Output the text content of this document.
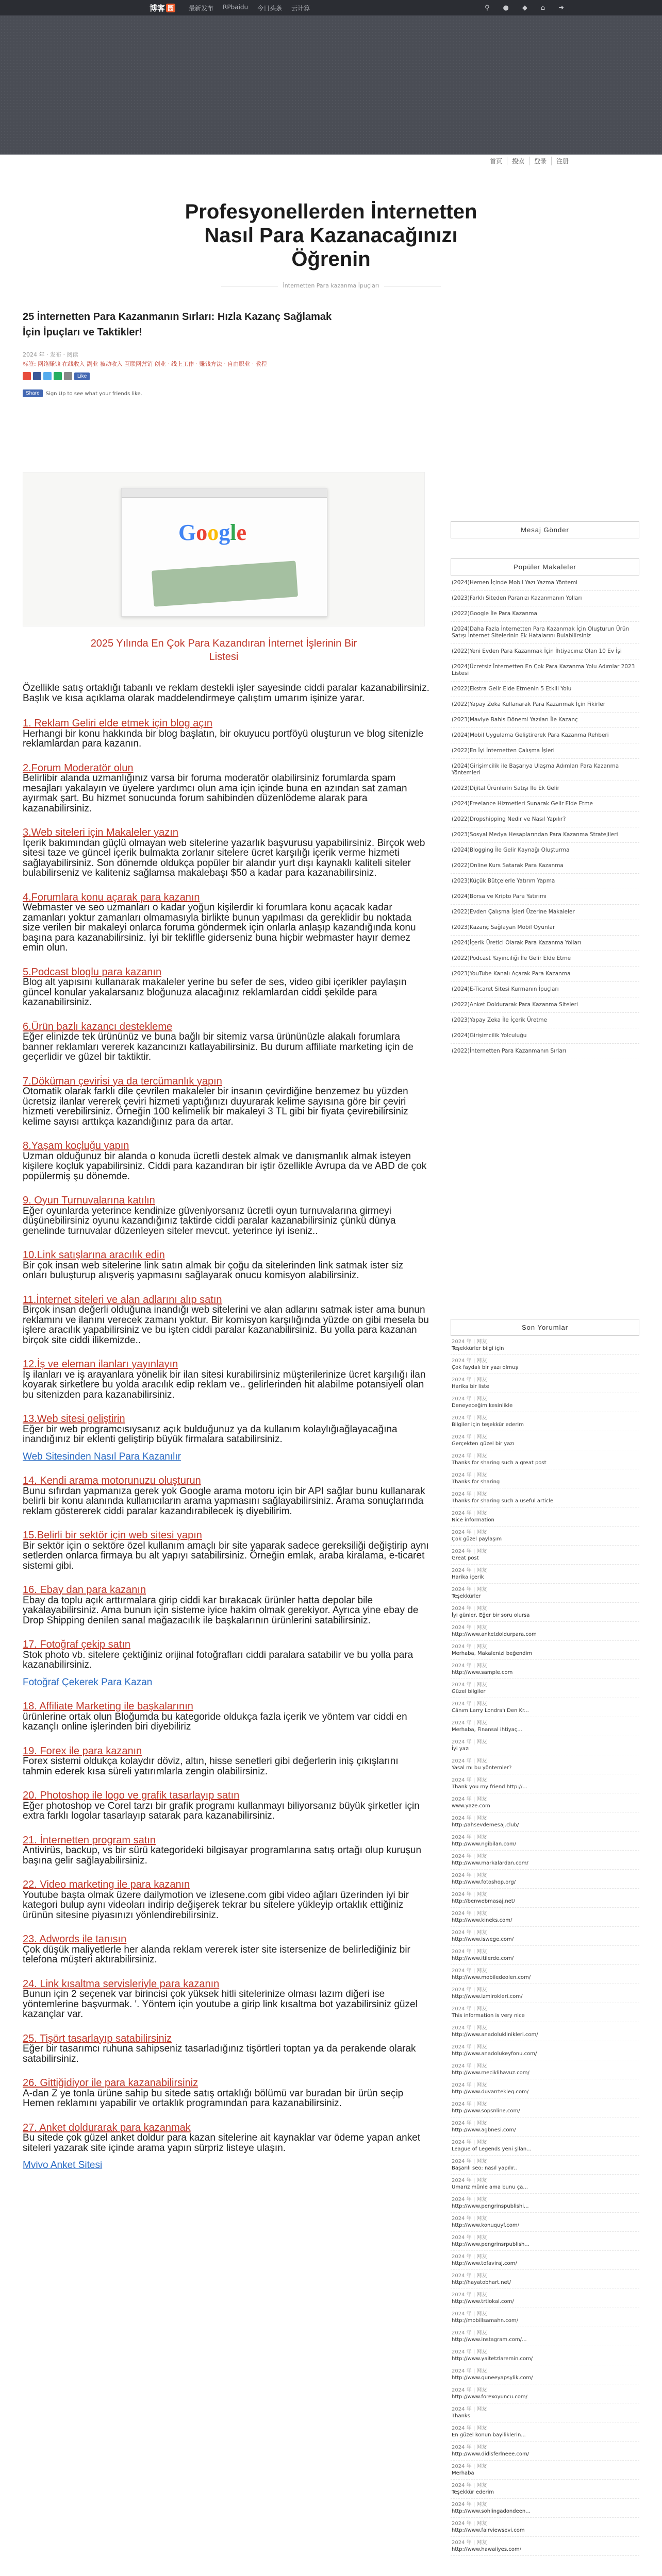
博客 园 最新发布 RPbaidu 今日头条 云计算	⚲ ● ◆ ⌂ ➜
首页	搜索	登录	注册
Profesyonellerden İnternetten
Nasıl Para Kazanacağınızı
Öğrenin
İnternetten Para kazanma İpuçları
25 İnternetten Para Kazanmanın Sırları: Hızla Kazanç Sağlamak
İçin İpuçları ve Taktikler!
2024 年 · 发布 · 阅读
标签: 网络赚钱 在线收入 副业 被动收入 互联网营销 创业 · 线上工作 · 赚钱方法 · 自由职业 · 教程
Like
Share	Sign Up to see what your friends like.
Google
2025 Yılında En Çok Para Kazandıran İnternet İşlerinin Bir
Listesi

Özellikle satış ortaklığı tabanlı ve reklam destekli işler sayesinde ciddi paralar kazanabilirsiniz. Başlık ve kısa açıklama olarak maddelendirmeye çalıştım umarım işinize yarar.

1. Reklam Geliri elde etmek için blog açın
Herhangi bir konu hakkında bir blog başlatın, bir okuyucu portföyü oluşturun ve blog sitenizle reklamlardan para kazanın.
2.Forum Moderatör olun
Belirlibir alanda uzmanlığınız varsa bir foruma moderatör olabilirsiniz forumlarda spam mesajları yakalayın ve üyelere yardımcı olun ama için içinde buna en azından sat zaman ayırmak şart. Bu hizmet sonucunda forum sahibinden düzenlödeme alarak para kazanabilirsiniz.
3.Web siteleri için Makaleler yazın
İçerik bakımından güçlü olmayan web sitelerine yazarlık başvurusu yapabilirsiniz. Birçok web sitesi taze ve güncel içerik bulmakta zorlanır sitelere ücret karşılığı içerik verme hizmeti sağlayabilirsiniz. Son dönemde oldukça popüler bir alandır yurt dışı kaynaklı kaliteli siteler bulabilirseniz ve kaliteniz sağlamsa makalebaşı $50 a kadar para kazanabilirsiniz.
4.Forumlara konu açarak para kazanın
Webmaster ve seo uzmanları o kadar yoğun kişilerdir ki forumlara konu açacak kadar zamanları yoktur zamanları olmamasıyla birlikte bunun yapılması da gereklidir bu noktada size verilen bir makaleyi onlarca foruma göndermek için onlarla anlaşıp kazandığında konu başına para kazanabilirsiniz. İyi bir tekliflle giderseniz buna hiçbir webmaster hayır demez emin olun.
5.Podcast bloglu para kazanın
Blog alt yapısını kullanarak makaleler yerine bu sefer de ses, video gibi içerikler paylaşın güncel konular yakalarsanız bloğunuza alacağınız reklamlardan ciddi şekilde para kazanabilirsiniz.
6.Ürün bazlı kazancı destekleme
Eğer elinizde tek ürününüz ve buna bağlı bir sitemiz varsa ürününüzle alakalı forumlara banner reklamları vererek kazancınızı katlayabilirsiniz. Bu durum affiliate marketing için de geçerlidir ve güzel bir taktiktir.
7.Döküman çeviri̇si ya da tercümanlık yapın
Otomatik olarak farklı dile çevrilen makaleler bir insanın çevirdiğine benzemez bu yüzden ücretsiz ilanlar vererek çeviri hizmeti yaptığınızı duyurarak kelime sayısına göre bir çeviri hizmeti verebilirsiniz. Örneğin 100 kelimelik bir makaleyi 3 TL gibi bir fiyata çevirebilirsiniz kelime sayısı arttıkça kazandığınız para da artar.
8.Yaşam koçluğu yapın
Uzman olduğunuz bir alanda o konuda ücretli destek almak ve danışmanlık almak isteyen kişilere koçluk yapabilirsiniz. Ciddi para kazandıran bir iştir özellikle Avrupa da ve ABD de çok popülermiş şu dönemde.
9. Oyun Turnuvalarına katılın
Eğer oyunlarda yeterince kendinize güveniyorsanız ücretli oyun turnuvalarına girmeyi düşünebilirsiniz oyunu kazandığınız taktirde ciddi paralar kazanabilirsiniz çünkü dünya genelinde turnuvalar düzenleyen siteler mevcut. yeterince iyi iseniz..
10.Link satışlarına aracılık edin
Bir çok insan web sitelerine link satın almak bir çoğu da sitelerinden link satmak ister siz onları buluşturup alışveriş yapmasını sağlayarak onucu komisyon alabilirsiniz.
11.İnternet siteleri ve alan adlarını alıp satın
Birçok insan değerli olduğuna inandığı web sitelerini ve alan adlarını satmak ister ama bunun reklamını ve ilanını verecek zamanı yoktur. Bir komisyon karşılığında yüzde on gibi mesela bu işlere aracılık yapabilirsiniz ve bu işten ciddi paralar kazanabilirsiniz. Bu yolla para kazanan birçok site ciddi ilikemizde..
12.İş ve eleman ilanları yayınlayın
İş ilanları ve iş arayanlara yönelik bir ilan sitesi kurabilirsiniz müşterilerinize ücret karşılığı ilan koyarak sirketlere bu yolda aracılık edip reklam ve.. gelirlerinden hit alabilme potansiyeli olan bu sitenizden para kazanabilirsiniz.
13.Web sitesi geliştirin
Eğer bir web programcısıysanız açık bulduğunuz ya da kullanım kolaylığıağlayacağına inandığınız bir eklenti geliştirip büyük firmalara satabilirsiniz.
Web Sitesinden Nasıl Para Kazanılır
14. Kendi arama motorunuzu oluşturun
Bunu sıfırdan yapmanıza gerek yok Google arama motoru için bir API sağlar bunu kullanarak belirli bir konu alanında kullanıcıların arama yapmasını sağlayabilirsiniz. Arama sonuçlarında reklam göstererek ciddi paralar kazandırabilecek iş diyebilirim.
15.Belirli bir sektör için web sitesi yapın
Bir sektör için o sektöre özel kullanım amaçlı bir site yaparak sadece gereksiliği değiştirip aynı setlerden onlarca firmaya bu alt yapıyı satabilirsiniz. Örneğin emlak, araba kiralama, e-ticaret sistemi gibi.
16. Ebay dan para kazanın
Ebay da toplu açık arttırmalara girip ciddi kar bırakacak ürünler hatta depolar bile yakalayabilirsiniz. Ama bunun için sisteme iyice hakim olmak gerekiyor. Ayrıca yine ebay de Drop Shipping denilen sanal mağazacılık ile başkalarının ürünlerini satabilirsiniz.
17. Fotoğraf çekip satın
Stok photo vb. sitelere çektiğiniz orijinal fotoğrafları ciddi paralara satabilir ve bu yolla para kazanabilirsiniz.
Fotoğraf Çekerek Para Kazan
18. Affiliate Marketing ile başkalarının
ürünlerine ortak olun Bloğumda bu kategoride oldukça fazla içerik ve yöntem var ciddi en kazançlı online işlerinden biri diyebiliriz
19. Forex ile para kazanın
Forex sistemi oldukça kolaydır döviz, altın, hisse senetleri gibi değerlerin iniş çıkışlarını tahmin ederek kısa süreli yatırımlarla zengin olabilirsiniz.
20. Photoshop ile logo ve grafik tasarlayıp satın
Eğer photoshop ve Corel tarzı bir grafik programı kullanmayı biliyorsanız büyük şirketler için extra farklı logolar tasarlayıp satarak para kazanabilirsiniz.
21. İnternetten program satın
Antivirüs, backup, vs bir sürü kategorideki bilgisayar programlarına satış ortağı olup kuruşun başına gelir sağlayabilirsiniz.
22. Video marketing ile para kazanın
Youtube başta olmak üzere dailymotion ve izlesene.com gibi video ağları üzerinden iyi bir kategori bulup aynı videoları indirip değişerek tekrar bu sitelere yükleyip ortaklık ettiğiniz ürünün sitesine piyasınızı yönlendirebilirsiniz.
23. Adwords ile tanısın
Çok düşük maliyetlerle her alanda reklam vererek ister site istersenize de belirlediğiniz bir telefona müşteri aktırabilirsiniz.
24. Link kısaltma servisleriyle para kazanın
Bunun için 2 seçenek var birincisi çok yüksek hitli sitelerinize olması lazım diğeri ise yöntemlerine başvurmak. '. Yöntem için youtube a girip link kısaltma bot yazabilirsiniz güzel kazançlar var.
25. Tişört tasarlayıp satabilirsiniz
Eğer bir tasarımcı ruhuna sahipseniz tasarladığınız tişörtleri toptan ya da perakende olarak satabilirsiniz.
26. Gittiğidiyor ile para kazanabilirsiniz
A-dan Z ye tonla ürüne sahip bu sitede satış ortaklığı bölümü var buradan bir ürün seçip Hemen reklamını yapabilir ve ortaklık programından para kazanabilirsiniz.
27. Anket doldurarak para kazanmak
Bu sitede çok güzel anket doldur para kazan sitelerine ait kaynaklar var ödeme yapan anket siteleri yazarak site içinde arama yapın sürpriz listeye ulaşın.
Mvivo Anket Sitesi
Mesaj Gönder
Popüler Makaleler
(2024)Hemen İçinde Mobil Yazı Yazma Yöntemi
(2023)Farklı Siteden Paranızı Kazanmanın Yolları
(2022)Google İle Para Kazanma
(2024)Daha Fazla İnternetten Para Kazanmak İçin Oluşturun Ürün Satışı İnternet Sitelerinin Ek Hatalarını Bulabilirsiniz
(2022)Yeni Evden Para Kazanmak İçin İhtiyacınız Olan 10 Ev İşi
(2024)Ücretsiz İnternetten En Çok Para Kazanma Yolu Adımlar 2023 Listesi
(2022)Ekstra Gelir Elde Etmenin 5 Etkili Yolu
(2022)Yapay Zeka Kullanarak Para Kazanmak İçin Fikirler
(2023)Maviye Bahis Dönemi Yazıları İle Kazanç
(2024)Mobil Uygulama Geliştirerek Para Kazanma Rehberi
(2022)En İyi İnternetten Çalışma İşleri
(2024)Girişimcilik ile Başarıya Ulaşma Adımları Para Kazanma Yöntemleri
(2023)Dijital Ürünlerin Satışı İle Ek Gelir
(2024)Freelance Hizmetleri Sunarak Gelir Elde Etme
(2022)Dropshipping Nedir ve Nasıl Yapılır?
(2023)Sosyal Medya Hesaplarından Para Kazanma Stratejileri
(2024)Blogging İle Gelir Kaynağı Oluşturma
(2022)Online Kurs Satarak Para Kazanma
(2023)Küçük Bütçelerle Yatırım Yapma
(2024)Borsa ve Kripto Para Yatırımı
(2022)Evden Çalışma İşleri Üzerine Makaleler
(2023)Kazanç Sağlayan Mobil Oyunlar
(2024)İçerik Üretici Olarak Para Kazanma Yolları
(2022)Podcast Yayıncılığı İle Gelir Elde Etme
(2023)YouTube Kanalı Açarak Para Kazanma
(2024)E-Ticaret Sitesi Kurmanın İpuçları
(2022)Anket Doldurarak Para Kazanma Siteleri
(2023)Yapay Zeka İle İçerik Üretme
(2024)Girişimcilik Yolculuğu
(2022)İnternetten Para Kazanmanın Sırları
Son Yorumlar
2024 年 | 网友
Teşekkürler bilgi için
2024 年 | 网友
Çok faydalı bir yazı olmuş
2024 年 | 网友
Harika bir liste
2024 年 | 网友
Deneyeceğim kesinlikle
2024 年 | 网友
Bilgiler için teşekkür ederim
2024 年 | 网友
Gerçekten güzel bir yazı
2024 年 | 网友
Thanks for sharing such a great post
2024 年 | 网友
Thanks for sharing
2024 年 | 网友
Thanks for sharing such a useful article
2024 年 | 网友
Nice information
2024 年 | 网友
Çok güzel paylaşım
2024 年 | 网友
Great post
2024 年 | 网友
Harika içerik
2024 年 | 网友
Teşekkürler
2024 年 | 网友
İyi günler, Eğer bir soru olursa
2024 年 | 网友
http://www.anketdoldurpara.com
2024 年 | 网友
Merhaba, Makalenizi beğendim
2024 年 | 网友
http://www.sample.com
2024 年 | 网友
Güzel bilgiler
2024 年 | 网友
Cânım Larry Londra'ı Den Kr...
2024 年 | 网友
Merhaba, Finansal ihtiyaç...
2024 年 | 网友
İyi yazı
2024 年 | 网友
Yasal mı bu yöntemler?
2024 年 | 网友
Thank you my friend http://...
2024 年 | 网友
www.yaze.com
2024 年 | 网友
http://ahsevdemesaj.club/
2024 年 | 网友
http://www.ngibilan.com/
2024 年 | 网友
http://www.markalardan.com/
2024 年 | 网友
http://www.fotoshop.org/
2024 年 | 网友
http://benwebmasaj.net/
2024 年 | 网友
http://www.kineks.com/
2024 年 | 网友
http://www.iswege.com/
2024 年 | 网友
http://www.itilerde.com/
2024 年 | 网友
http://www.mobiledeolen.com/
2024 年 | 网友
http://www.izmirokleri.com/
2024 年 | 网友
This information is very nice
2024 年 | 网友
http://www.anadoluklinikleri.com/
2024 年 | 网友
http://www.anadolukeyfonu.com/
2024 年 | 网友
http://www.meciklihavuz.com/
2024 年 | 网友
http://www.duvarrtekleq.com/
2024 年 | 网友
http://www.sopsnline.com/
2024 年 | 网友
http://www.agbnesi.com/
2024 年 | 网友
League of Legends yeni şilan...
2024 年 | 网友
Başarılı seo: nasıl yapılır..
2024 年 | 网友
Umarız münle ama bunu ça...
2024 年 | 网友
http://www.pengrinspublishi...
2024 年 | 网友
http://www.konuquyf.com/
2024 年 | 网友
http://www.pengrinsrpublish...
2024 年 | 网友
http://www.tofaviraj.com/
2024 年 | 网友
http://hayatobhart.net/
2024 年 | 网友
http://www.trtlokal.com/
2024 年 | 网友
http://mobillsamahn.com/
2024 年 | 网友
http://www.instagram.com/...
2024 年 | 网友
http://www.yaitetzlaremin.com/
2024 年 | 网友
http://www.guneeyapsylik.com/
2024 年 | 网友
http://www.forexoyuncu.com/
2024 年 | 网友
Thanks
2024 年 | 网友
En güzel konun bayiliklerin...
2024 年 | 网友
http://www.didisferlneee.com/
2024 年 | 网友
Merhaba
2024 年 | 网友
Teşekkür ederim
2024 年 | 网友
http://www.sohlingadondeen...
2024 年 | 网友
http://www.fairviewsevi.com
2024 年 | 网友
http://www.hawaiiyes.com/
